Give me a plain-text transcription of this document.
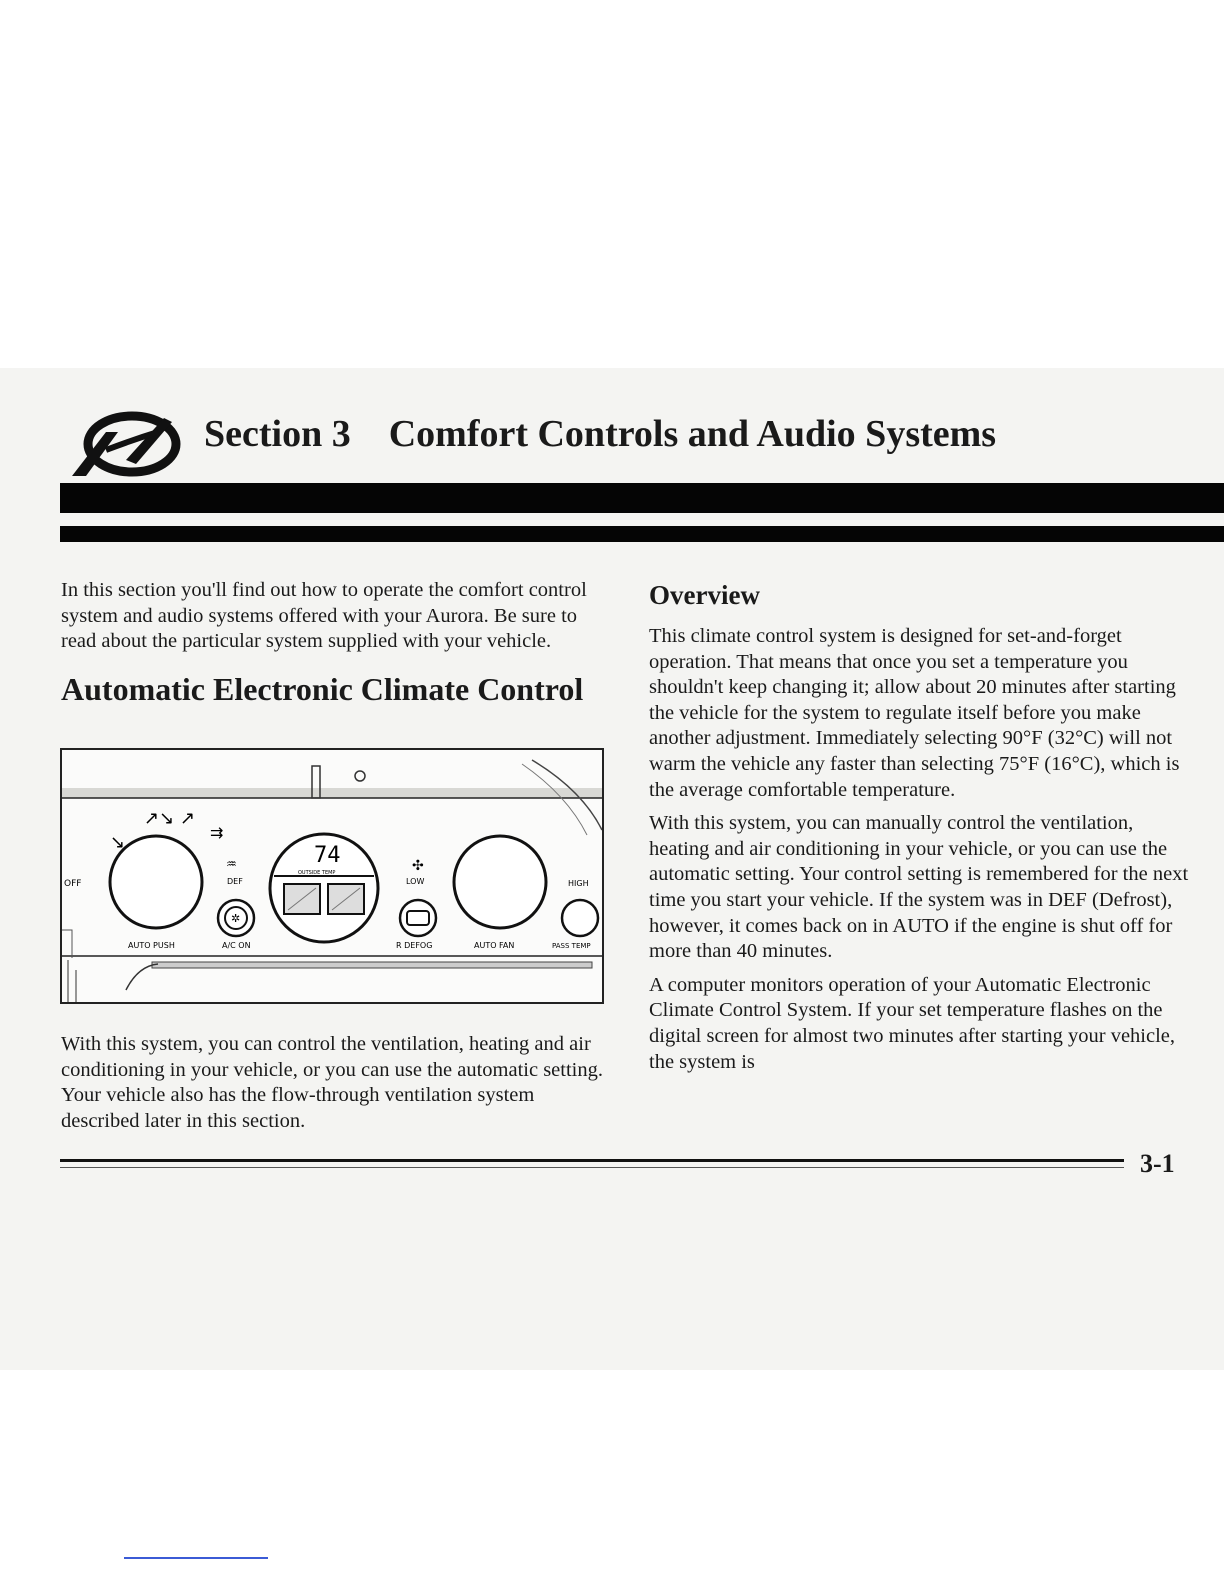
Section 3 Comfort Controls and Audio Systems

In this section you'll find out how to operate the comfort control system and audio systems offered with your Aurora. Be sure to read about the particular system supplied with your vehicle.

Automatic Electronic Climate Control
↘
↗↘ ↗
⇉
OFF
AUTO PUSH
♒
DEF
✲
A/C ON
74
OUTSIDE TEMP	✣
LOW
R DEFOG	AUTO FAN
HIGH
PASS TEMP

With this system, you can control the ventilation, heating and air conditioning in your vehicle, or you can use the automatic setting. Your vehicle also has the flow-through ventilation system described later in this section.

Overview

This climate control system is designed for set-and-forget operation. That means that once you set a temperature you shouldn't keep changing it; allow about 20 minutes after starting the vehicle for the system to regulate itself before you make another adjustment. Immediately selecting 90°F (32°C) will not warm the vehicle any faster than selecting 75°F (16°C), which is the average comfortable temperature.

With this system, you can manually control the ventilation, heating and air conditioning in your vehicle, or you can use the automatic setting. Your control setting is remembered for the next time you start your vehicle. If the system was in DEF (Defrost), however, it comes back on in AUTO if the engine is shut off for more than 40 minutes.

A computer monitors operation of your Automatic Electronic Climate Control System. If your set temperature flashes on the digital screen for almost two minutes after starting your vehicle, the system is

3-1
